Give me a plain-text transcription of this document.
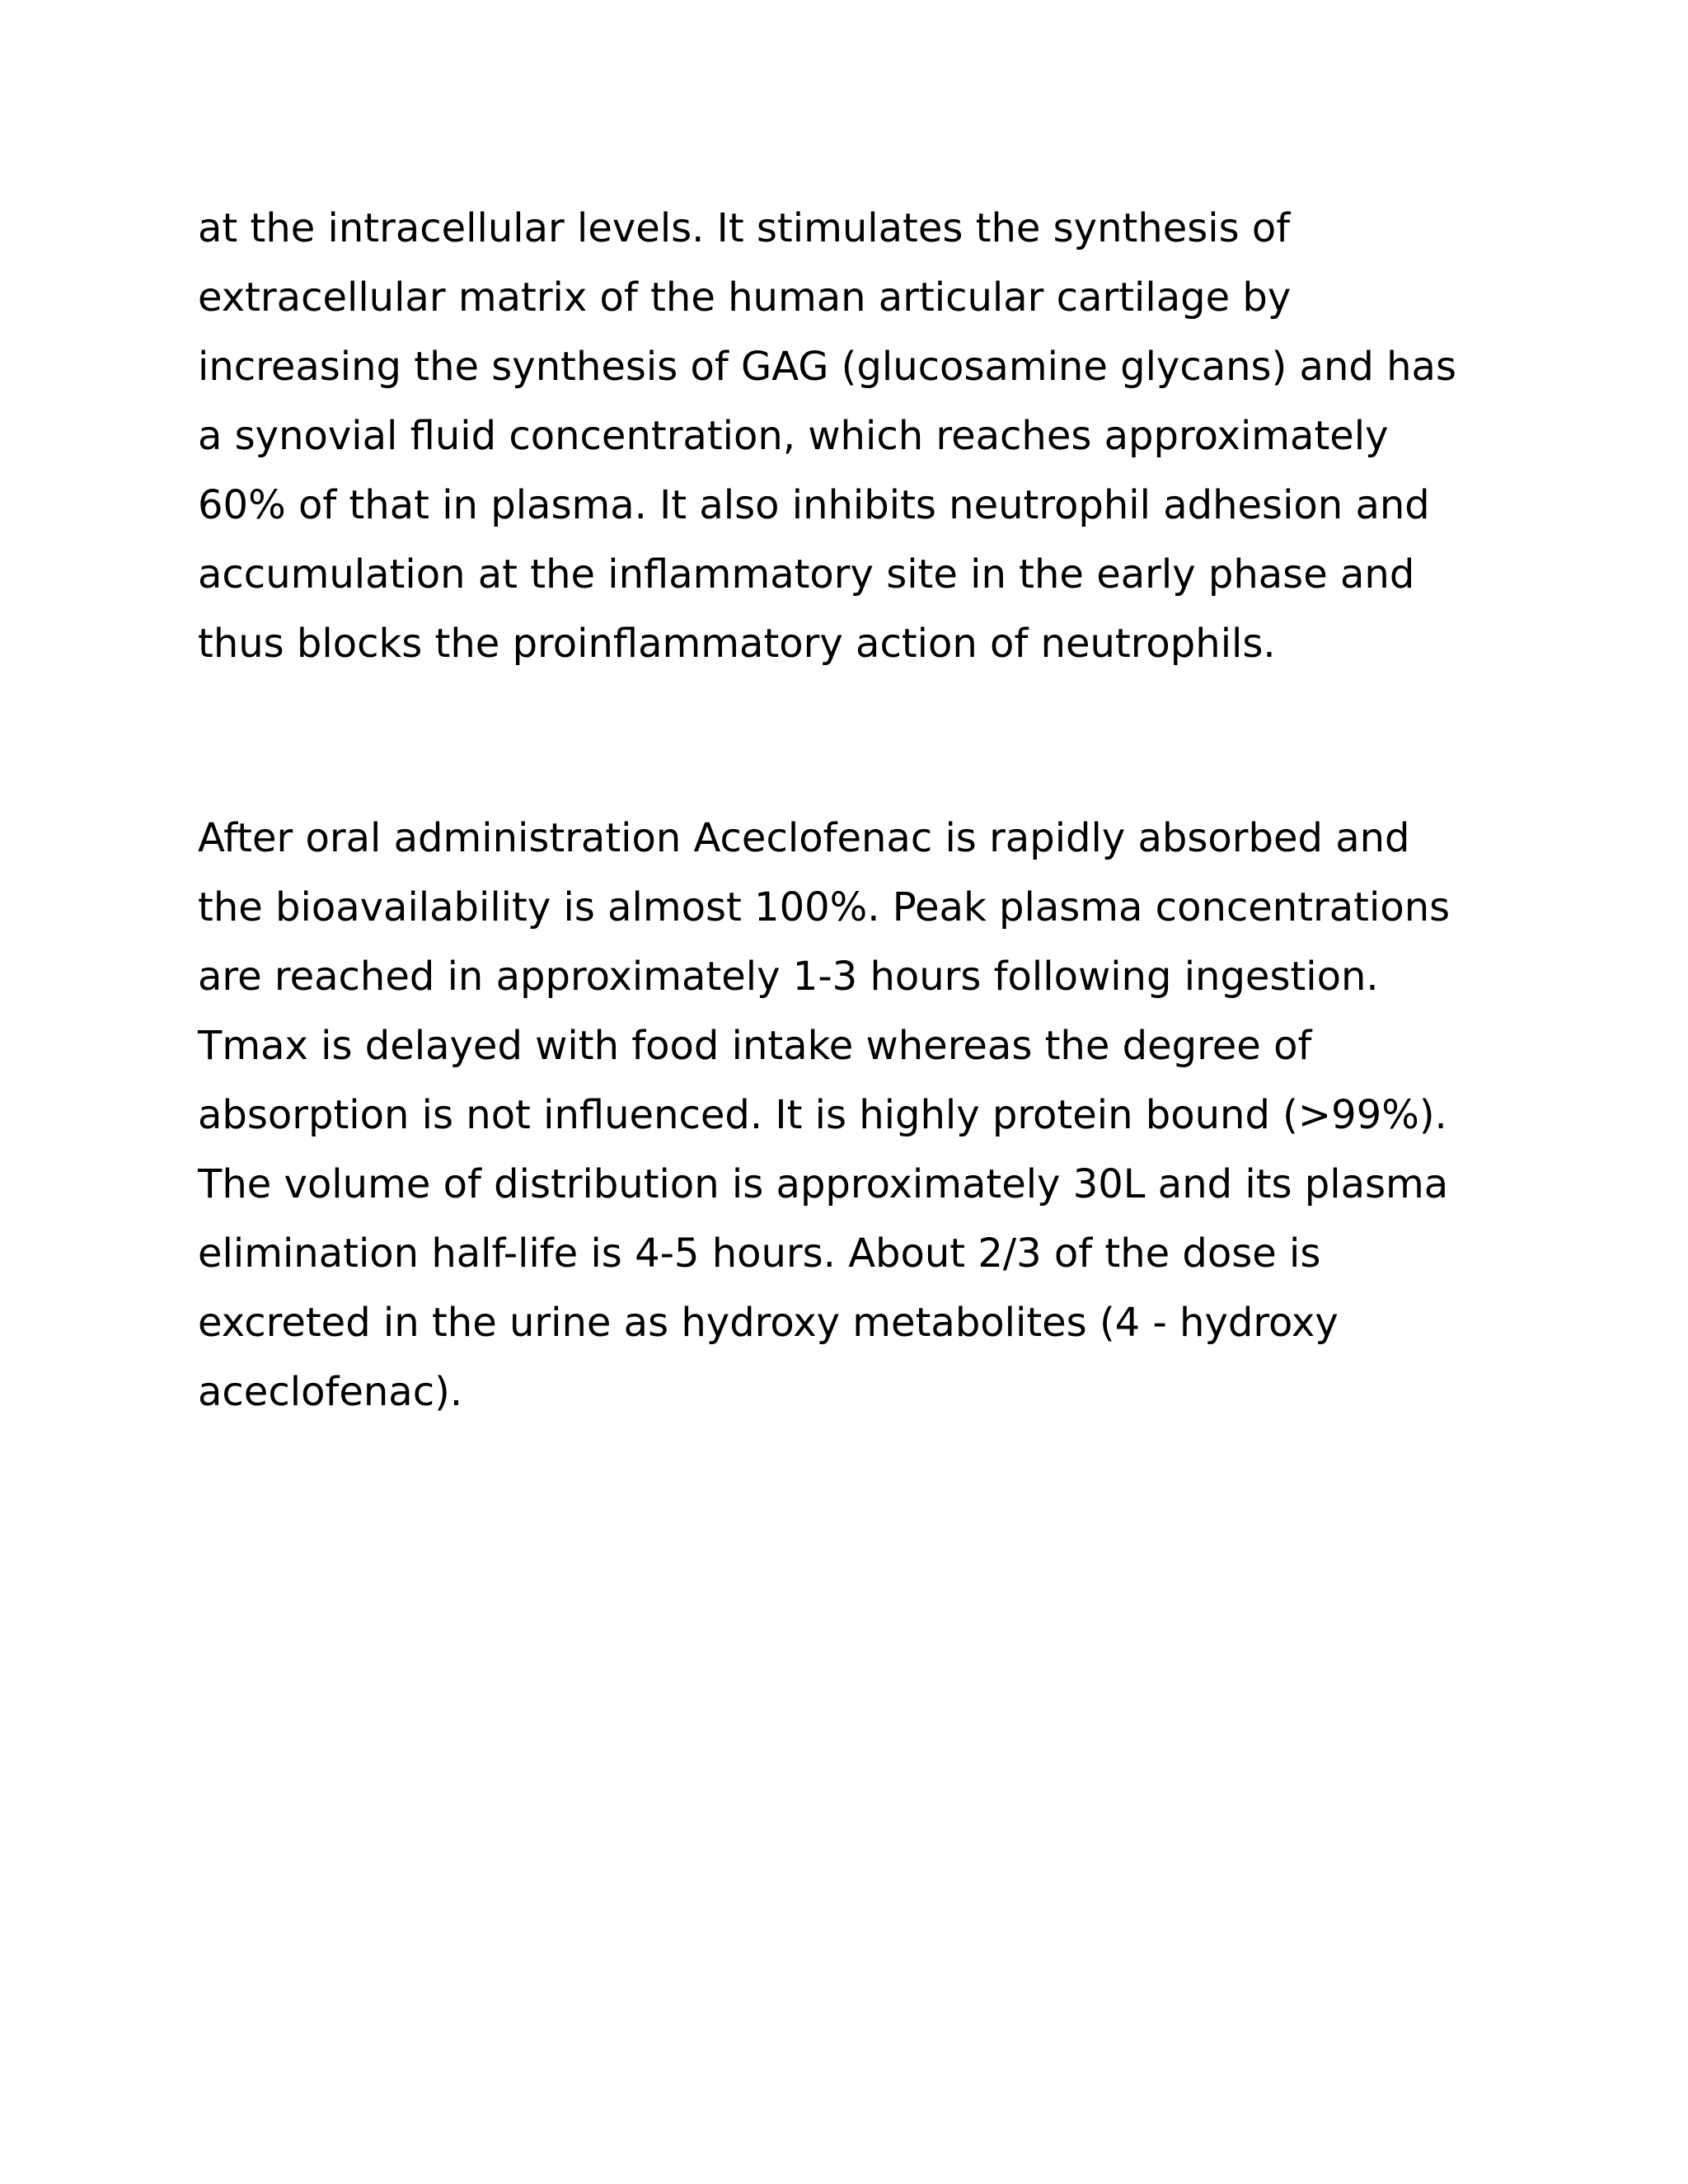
at the intracellular levels. It stimulates the synthesis of
extracellular matrix of the human articular cartilage by
increasing the synthesis of GAG (glucosamine glycans) and has
a synovial fluid concentration, which reaches approximately
60% of that in plasma. It also inhibits neutrophil adhesion and
accumulation at the inflammatory site in the early phase and
thus blocks the proinflammatory action of neutrophils.

After oral administration Aceclofenac is rapidly absorbed and
the bioavailability is almost 100%. Peak plasma concentrations
are reached in approximately 1-3 hours following ingestion.
Tmax is delayed with food intake whereas the degree of
absorption is not influenced. It is highly protein bound (>99%).
The volume of distribution is approximately 30L and its plasma
elimination half-life is 4-5 hours. About 2/3 of the dose is
excreted in the urine as hydroxy metabolites (4 - hydroxy
aceclofenac).
